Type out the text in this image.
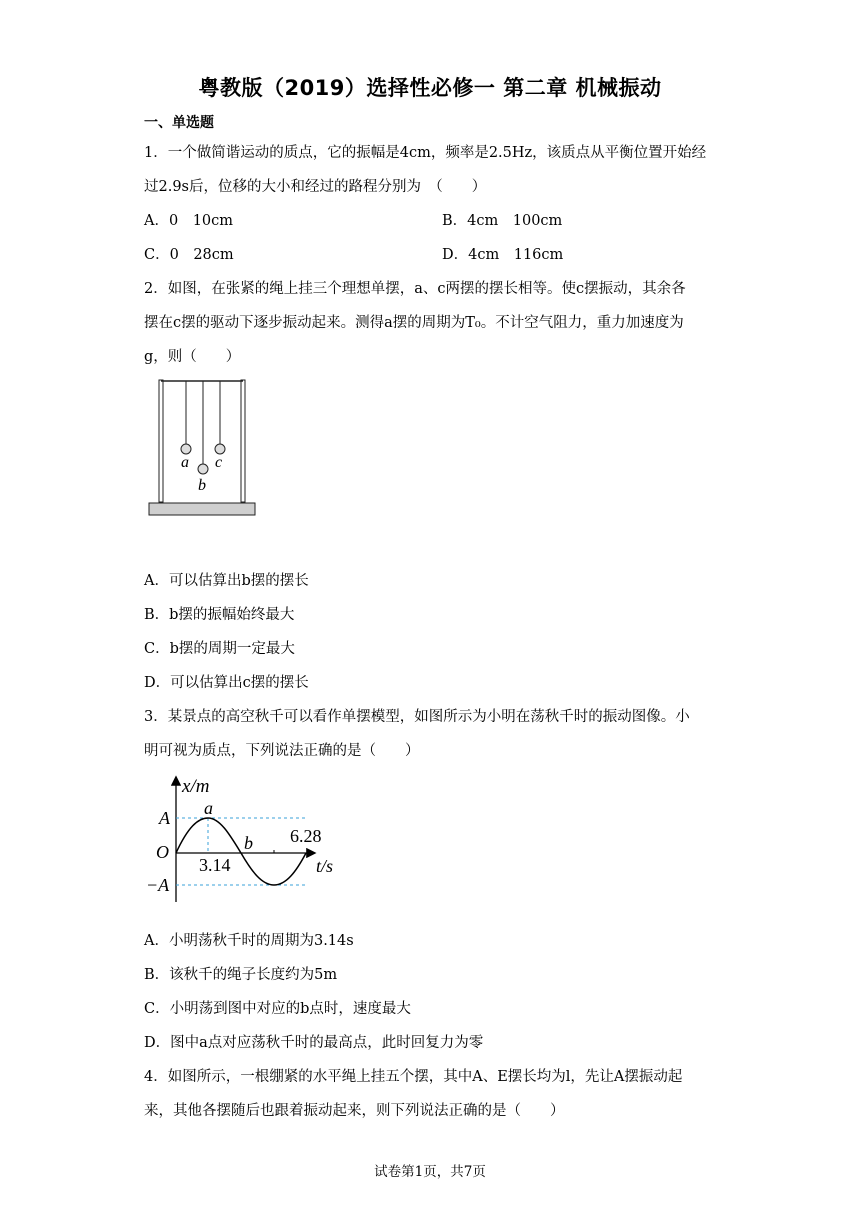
粤教版（2019）选择性必修一 第二章 机械振动
一、单选题
1．一个做简谐运动的质点，它的振幅是4cm，频率是2.5Hz，该质点从平衡位置开始经
过2.9s后，位移的大小和经过的路程分别为　（　　）
A．0　10cm	B．4cm　100cm
C．0　28cm	D．4cm　116cm
2．如图，在张紧的绳上挂三个理想单摆，a、c两摆的摆长相等。使c摆振动，其余各
摆在c摆的驱动下逐步振动起来。测得a摆的周期为T₀。不计空气阻力，重力加速度为
g，则（　　）
a
b
c
A．可以估算出b摆的摆长
B．b摆的振幅始终最大
C．b摆的周期一定最大
D．可以估算出c摆的摆长
3．某景点的高空秋千可以看作单摆模型，如图所示为小明在荡秋千时的振动图像。小
明可视为质点，下列说法正确的是（　　）
x/m
a
A
O
−A
b 6.28
3.14	t/s
A．小明荡秋千时的周期为3.14s
B．该秋千的绳子长度约为5m
C．小明荡到图中对应的b点时，速度最大
D．图中a点对应荡秋千时的最高点，此时回复力为零
4．如图所示，一根绷紧的水平绳上挂五个摆，其中A、E摆长均为l，先让A摆振动起
来，其他各摆随后也跟着振动起来，则下列说法正确的是（　　）
试卷第1页，共7页
